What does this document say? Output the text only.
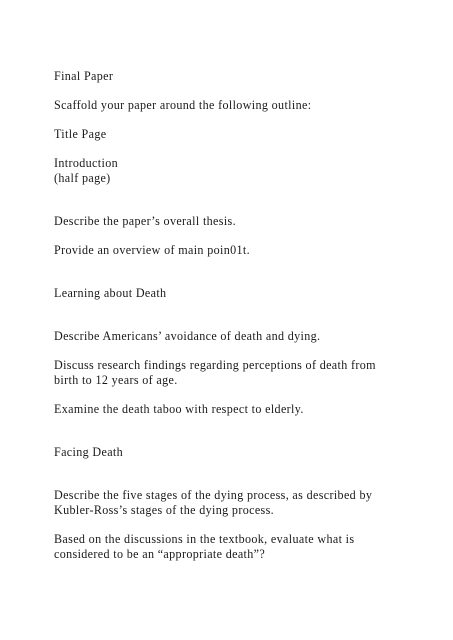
Final Paper
Scaffold your paper around the following outline:
Title Page
Introduction
(half page)
Describe the paper’s overall thesis.
Provide an overview of main poin01t.
Learning about Death
Describe Americans’ avoidance of death and dying.
Discuss research findings regarding perceptions of death from
birth to 12 years of age.
Examine the death taboo with respect to elderly.
Facing Death
Describe the five stages of the dying process, as described by
Kubler-Ross’s stages of the dying process.
Based on the discussions in the textbook, evaluate what is
considered to be an “appropriate death”?
